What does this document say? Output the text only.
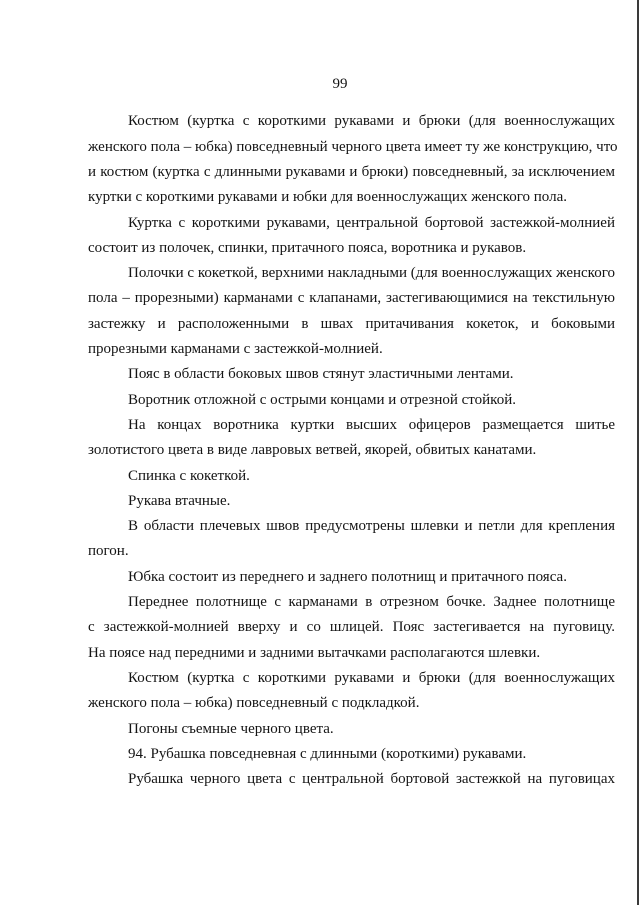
99
Костюм (куртка с короткими рукавами и брюки (для военнослужащих
женского пола – юбка) повседневный черного цвета имеет ту же конструкцию, что
и костюм (куртка с длинными рукавами и брюки) повседневный, за исключением
куртки с короткими рукавами и юбки для военнослужащих женского пола.
Куртка с короткими рукавами, центральной бортовой застежкой-молнией
состоит из полочек, спинки, притачного пояса, воротника и рукавов.
Полочки с кокеткой, верхними накладными (для военнослужащих женского
пола – прорезными) карманами с клапанами, застегивающимися на текстильную
застежку и расположенными в швах притачивания кокеток, и боковыми
прорезными карманами с застежкой-молнией.
Пояс в области боковых швов стянут эластичными лентами.
Воротник отложной с острыми концами и отрезной стойкой.
На концах воротника куртки высших офицеров размещается шитье
золотистого цвета в виде лавровых ветвей, якорей, обвитых канатами.
Спинка с кокеткой.
Рукава втачные.
В области плечевых швов предусмотрены шлевки и петли для крепления
погон.
Юбка состоит из переднего и заднего полотнищ и притачного пояса.
Переднее полотнище с карманами в отрезном бочке. Заднее полотнище
с застежкой-молнией вверху и со шлицей. Пояс застегивается на пуговицу.
На поясе над передними и задними вытачками располагаются шлевки.
Костюм (куртка с короткими рукавами и брюки (для военнослужащих
женского пола – юбка) повседневный с подкладкой.
Погоны съемные черного цвета.
94. Рубашка повседневная с длинными (короткими) рукавами.
Рубашка черного цвета с центральной бортовой застежкой на пуговицах
